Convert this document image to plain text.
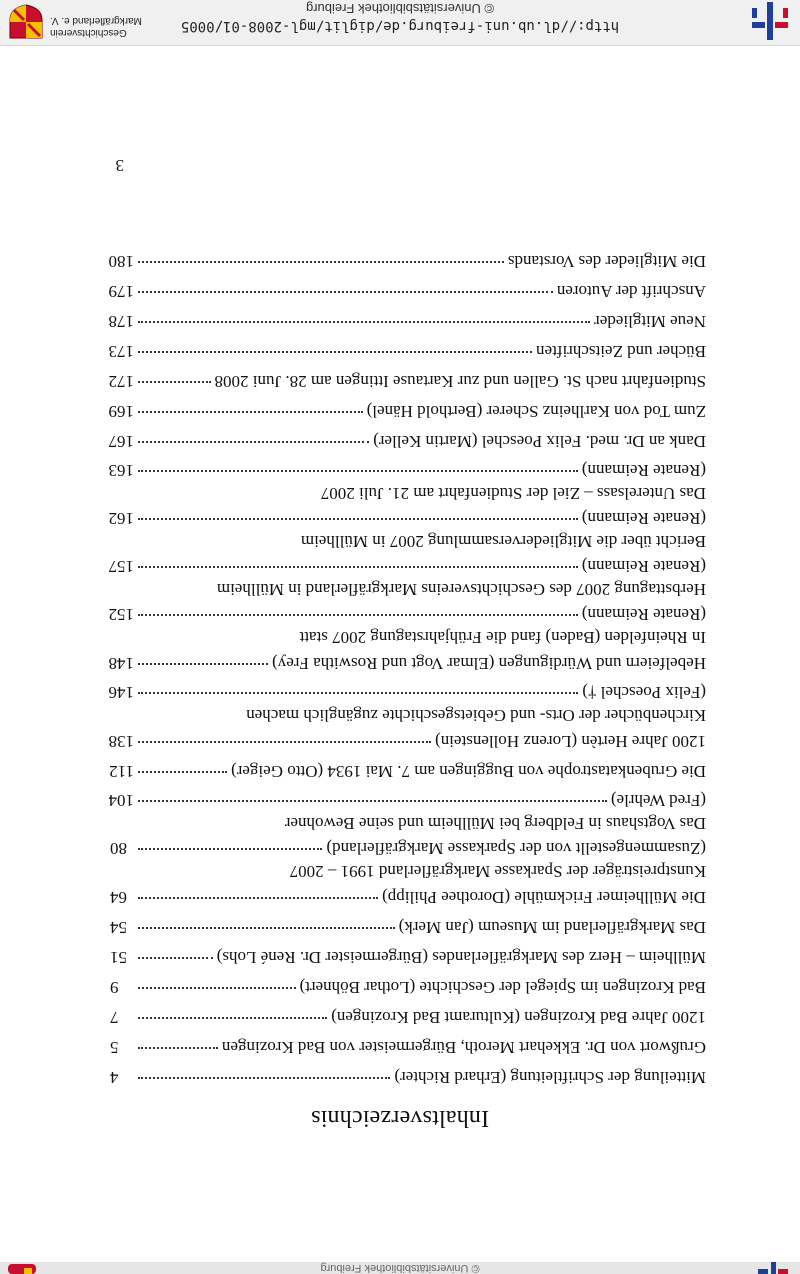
© Universitätsbibliothek Freiburg
Inhaltsverzeichnis
Mitteilung der Schriftleitung (Erhard Richter)
4
Grußwort von Dr. Ekkehart Meroth, Bürgermeister von Bad Krozingen
5
1200 Jahre Bad Krozingen (Kulturamt Bad Krozingen)
7
Bad Krozingen im Spiegel der Geschichte (Lothar Böhnert)
9
Müllheim – Herz des Markgräflerlandes (Bürgermeister Dr. René Lohs)
51
Das Markgräflerland im Museum (Jan Merk)
54
Die Müllheimer Frickmühle (Dorothee Philipp)
64
Kunstpreisträger der Sparkasse Markgräflerland 1991 – 2007
(Zusammengestellt von der Sparkasse Markgräflerland)
80
Das Vogtshaus in Feldberg bei Müllheim und seine Bewohner
(Fred Wehrle)
104
Die Grubenkatastrophe von Buggingen am 7. Mai 1934 (Otto Geiger)
112
1200 Jahre Hertèn (Lorenz Hollenstein)
138
Kirchenbücher der Orts- und Gebietsgeschichte zugänglich machen
(Felix Poeschel †)
146
Hebelfeiern und Würdigungen (Elmar Vogt und Roswitha Frey)
148
In Rheinfelden (Baden) fand die Frühjahrstagung 2007 statt
(Renate Reimann)
152
Herbsttagung 2007 des Geschichtsvereins Markgräflerland in Müllheim
(Renate Reimann)
157
Bericht über die Mitgliederversammlung 2007 in Müllheim
(Renate Reimann)
162
Das Unterelsass – Ziel der Studienfahrt am 21. Juli 2007
(Renate Reimann)
163
Dank an Dr. med. Felix Poeschel (Martin Keller)
167
Zum Tod von Karlheinz Scherer (Berthold Hänel)
169
Studienfahrt nach St. Gallen und zur Kartause Ittingen am 28. Juni 2008
172
Bücher und Zeitschriften
173
Neue Mitglieder
178
Anschrift der Autoren
179
Die Mitglieder des Vorstands
180
3
http://dl.ub.uni-freiburg.de/diglit/mgl-2008-01/0005
© Universitätsbibliothek Freiburg
Geschichtsverein
Markgräflerland e. V.
